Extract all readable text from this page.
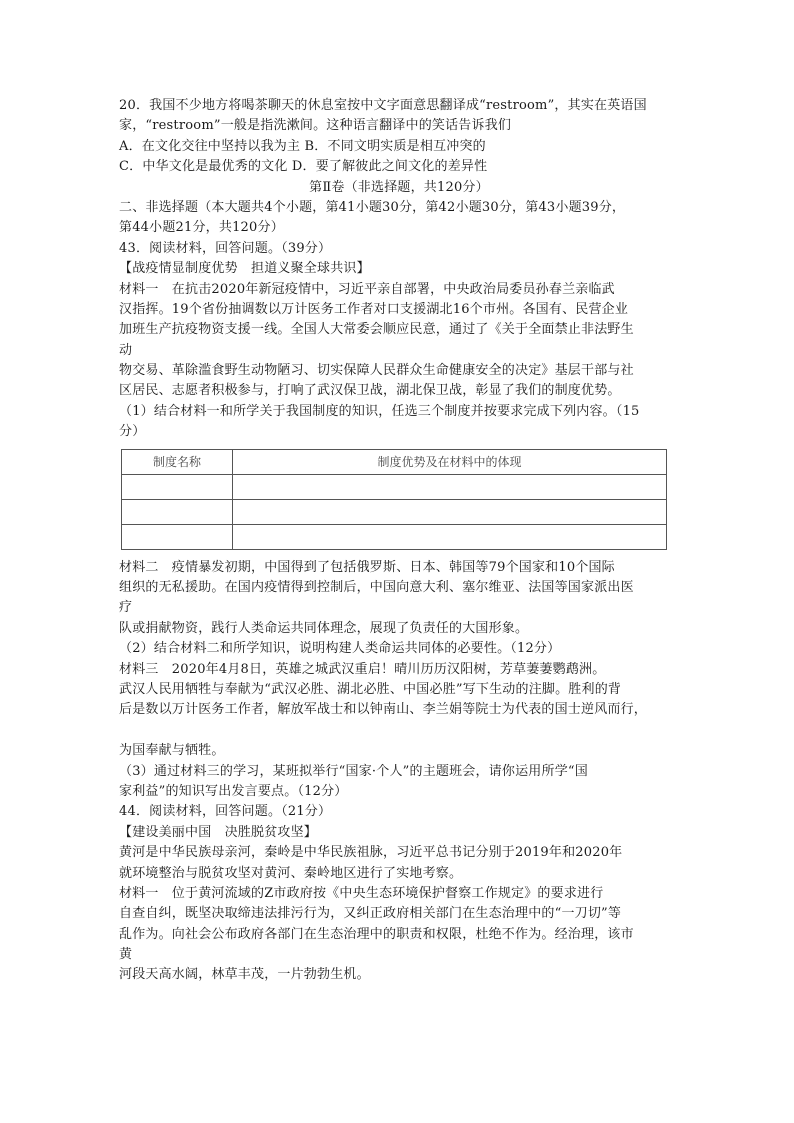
20．我国不少地方将喝茶聊天的休息室按中文字面意思翻译成“restroom”，其实在英语国
家，“restroom”一般是指洗漱间。这种语言翻译中的笑话告诉我们
A．在文化交往中坚持以我为主 B．不同文明实质是相互冲突的
C．中华文化是最优秀的文化 D．要了解彼此之间文化的差异性
第Ⅱ卷（非选择题，共120分）
二、非选择题（本大题共4个小题，第41小题30分，第42小题30分，第43小题39分，
第44小题21分，共120分）
43．阅读材料，回答问题。（39分）
【战疫情显制度优势　担道义聚全球共识】
材料一　在抗击2020年新冠疫情中，习近平亲自部署，中央政治局委员孙春兰亲临武
汉指挥。19个省份抽调数以万计医务工作者对口支援湖北16个市州。各国有、民营企业
加班生产抗疫物资支援一线。全国人大常委会顺应民意，通过了《关于全面禁止非法野生
动
物交易、革除滥食野生动物陋习、切实保障人民群众生命健康安全的决定》基层干部与社
区居民、志愿者积极参与，打响了武汉保卫战，湖北保卫战，彰显了我们的制度优势。
（1）结合材料一和所学关于我国制度的知识，任选三个制度并按要求完成下列内容。（15
分）
制度名称	制度优势及在材料中的体现

材料二　疫情暴发初期，中国得到了包括俄罗斯、日本、韩国等79个国家和10个国际
组织的无私援助。在国内疫情得到控制后，中国向意大利、塞尔维亚、法国等国家派出医
疗
队或捐献物资，践行人类命运共同体理念，展现了负责任的大国形象。
（2）结合材料二和所学知识，说明构建人类命运共同体的必要性。（12分）
材料三　2020年4月8日，英雄之城武汉重启！晴川历历汉阳树，芳草萋萋鹦鹉洲。
武汉人民用牺牲与奉献为“武汉必胜、湖北必胜、中国必胜”写下生动的注脚。胜利的背
后是数以万计医务工作者，解放军战士和以钟南山、李兰娟等院士为代表的国士逆风而行，
为国奉献与牺牲。
（3）通过材料三的学习，某班拟举行“国家·个人”的主题班会，请你运用所学“国
家利益”的知识写出发言要点。（12分）
44．阅读材料，回答问题。（21分）
【建设美丽中国　决胜脱贫攻坚】
黄河是中华民族母亲河，秦岭是中华民族祖脉，习近平总书记分别于2019年和2020年
就环境整治与脱贫攻坚对黄河、秦岭地区进行了实地考察。
材料一　位于黄河流域的Z市政府按《中央生态环境保护督察工作规定》的要求进行
自查自纠，既坚决取缔违法排污行为，又纠正政府相关部门在生态治理中的“一刀切”等
乱作为。向社会公布政府各部门在生态治理中的职责和权限，杜绝不作为。经治理，该市
黄
河段天高水阔，林草丰茂，一片勃勃生机。
